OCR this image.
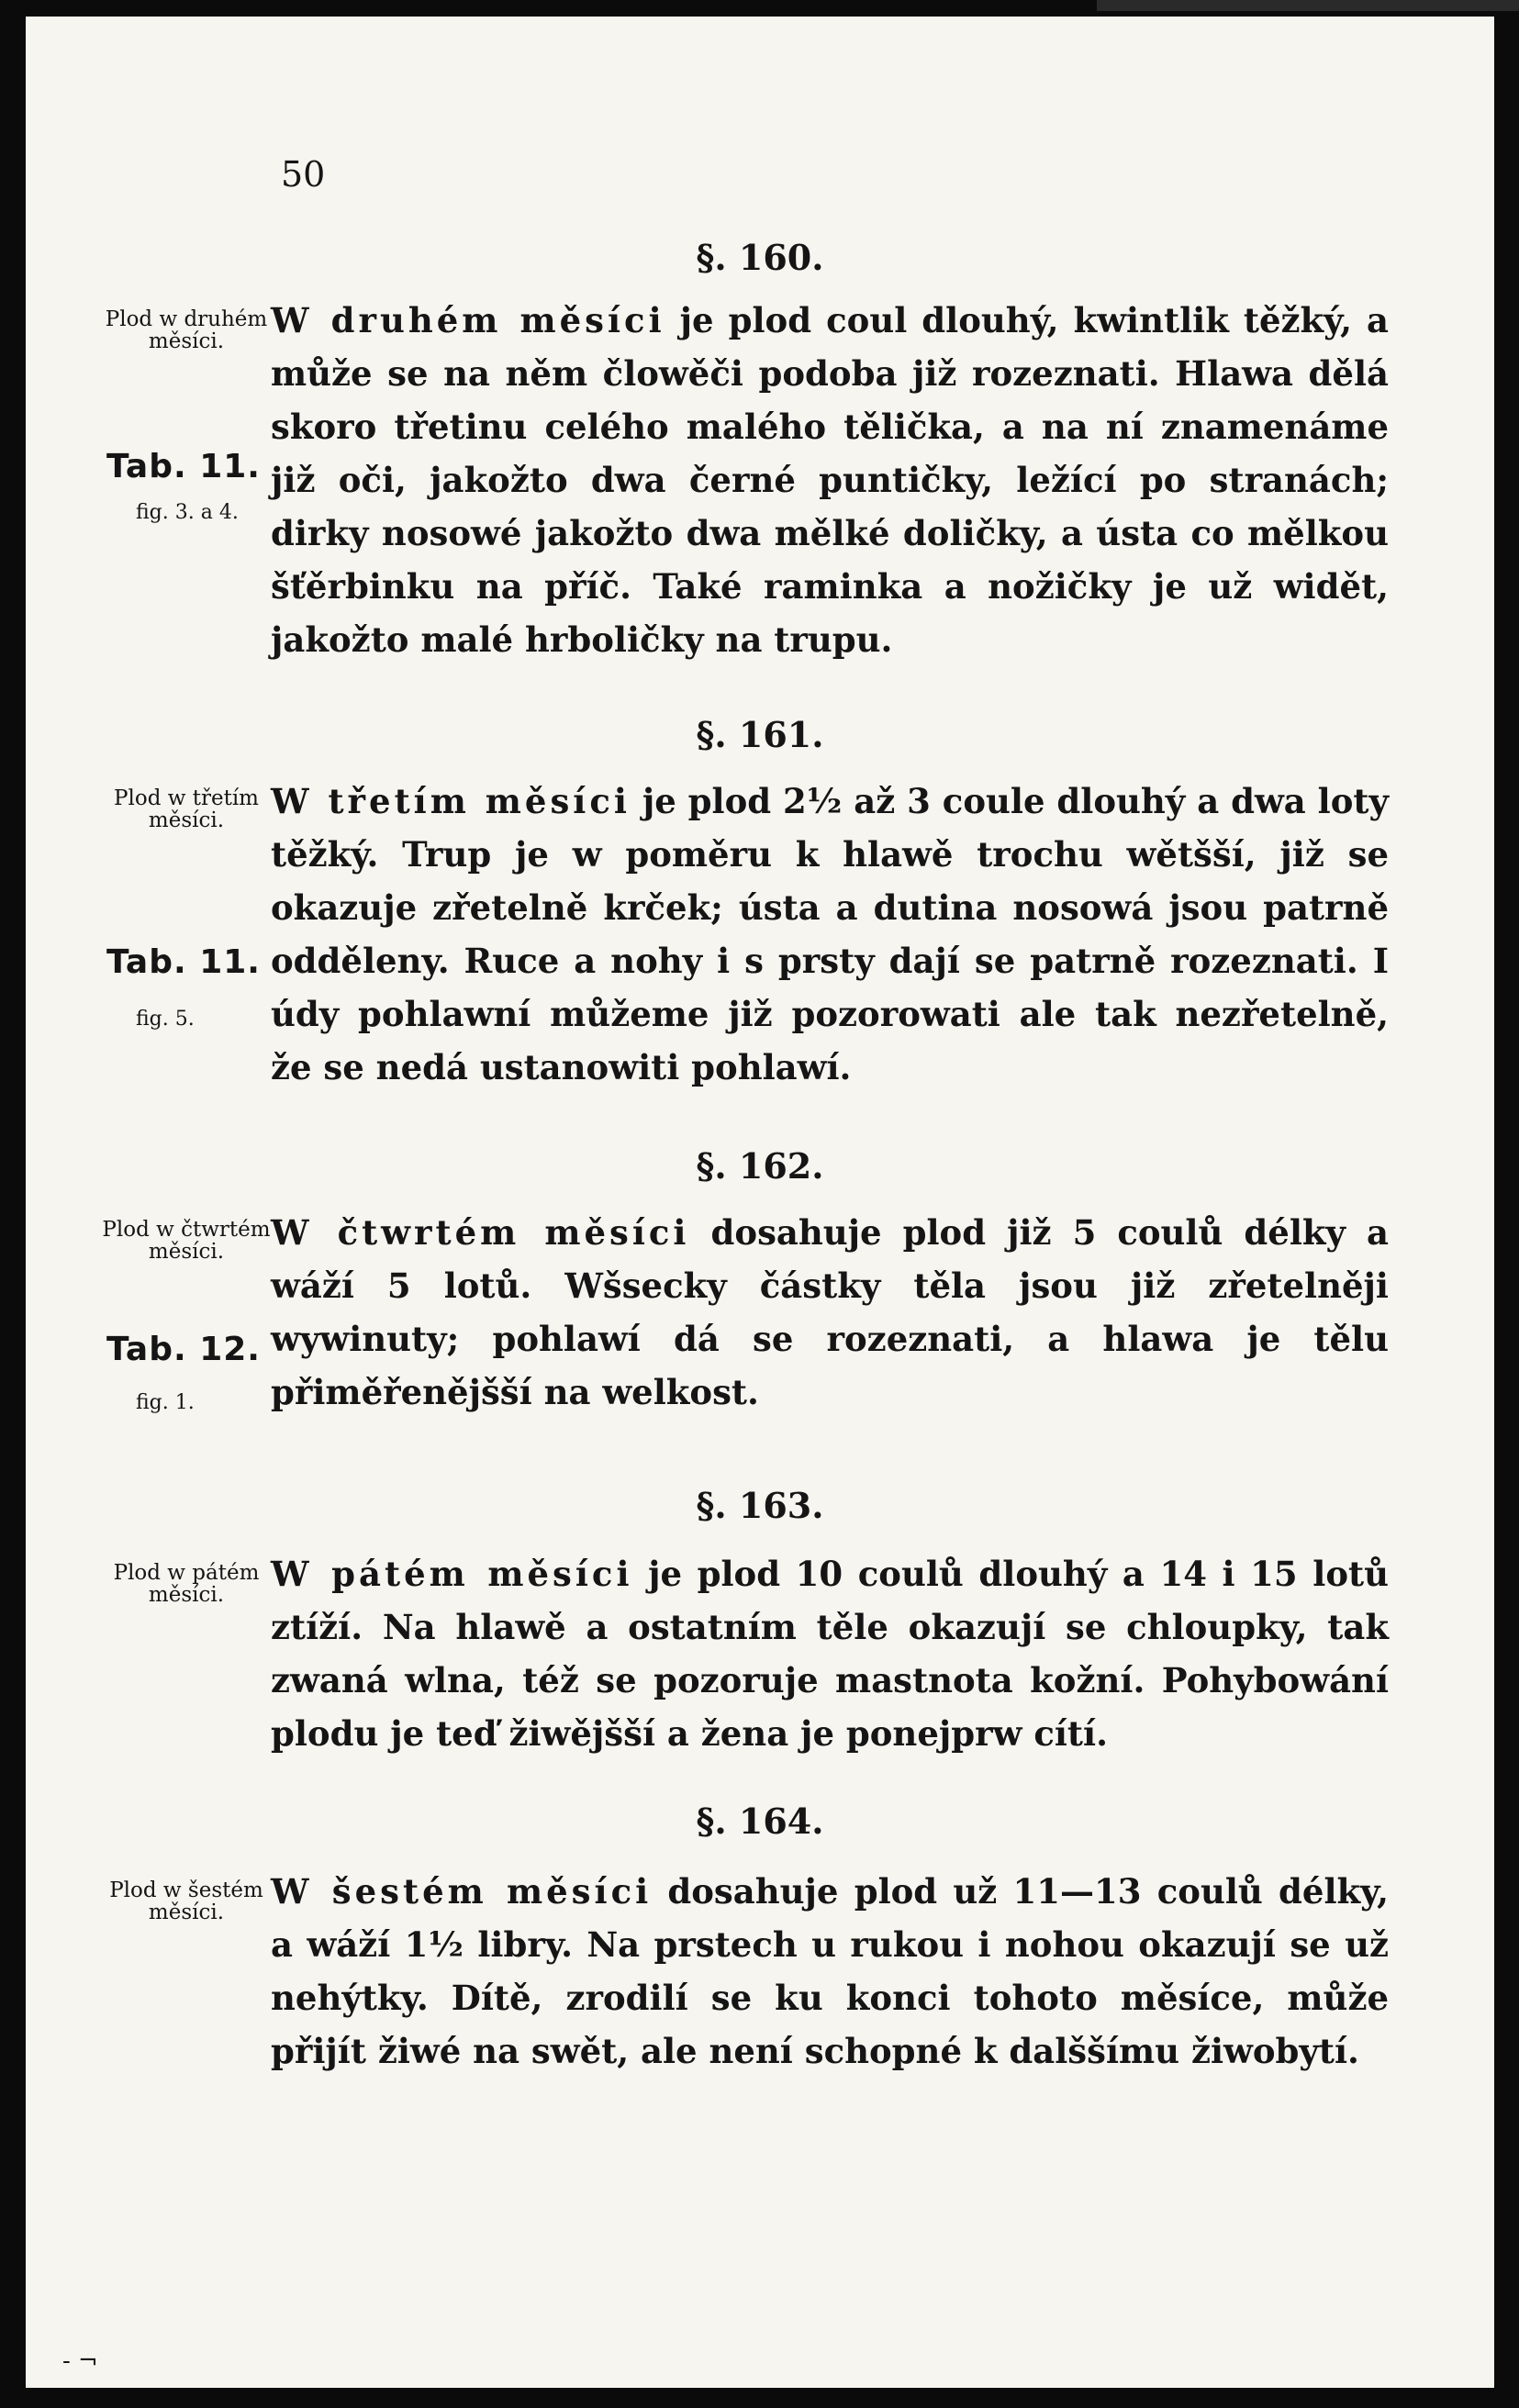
50
§. 160.
Plod w druhém měsíci.
Tab. 11.
fig. 3. a 4.
W druhém měsíci je plod coul dlouhý, kwintlik těžký, a může se na něm člowěči podoba již rozeznati. Hlawa dělá skoro třetinu celého malého tělička, a na ní znamenáme již oči, jakožto dwa černé puntičky, ležící po stranách; dirky nosowé jakožto dwa mělké doličky, a ústa co mělkou šťěrbinku na příč. Také raminka a nožičky je už widět, jakožto malé hrboličky na trupu.
§. 161.
Plod w třetím měsíci.
Tab. 11.
fig. 5.
W třetím měsíci je plod 2½ až 3 coule dlouhý a dwa loty těžký. Trup je w poměru k hlawě trochu wětšší, již se okazuje zřetelně krček; ústa a dutina nosowá jsou patrně odděleny. Ruce a nohy i s prsty dají se patrně rozeznati. I údy pohlawní můžeme již pozorowati ale tak nezřetelně, že se nedá ustanowiti pohlawí.
§. 162.
Plod w čtwrtém měsíci.
Tab. 12.
fig. 1.
W čtwrtém měsíci dosahuje plod již 5 coulů délky a wáží 5 lotů. Wšsecky částky těla jsou již zřetelněji wywinuty; pohlawí dá se rozeznati, a hlawa je tělu přiměřenějšší na welkost.
§. 163.
Plod w pátém měsíci.
W pátém měsíci je plod 10 coulů dlouhý a 14 i 15 lotů ztíží. Na hlawě a ostatním těle okazují se chloupky, tak zwaná wlna, též se pozoruje mastnota kožní. Pohybowání plodu je teď žiwějšší a žena je ponejprw cítí.
§. 164.
Plod w šestém měsíci.
W šestém měsíci dosahuje plod už 11—13 coulů délky, a wáží 1½ libry. Na prstech u rukou i nohou okazují se už nehýtky. Dítě, zrodilí se ku konci tohoto měsíce, může přijít žiwé na swět, ale není schopné k dalššímu žiwobytí.
- ¬
